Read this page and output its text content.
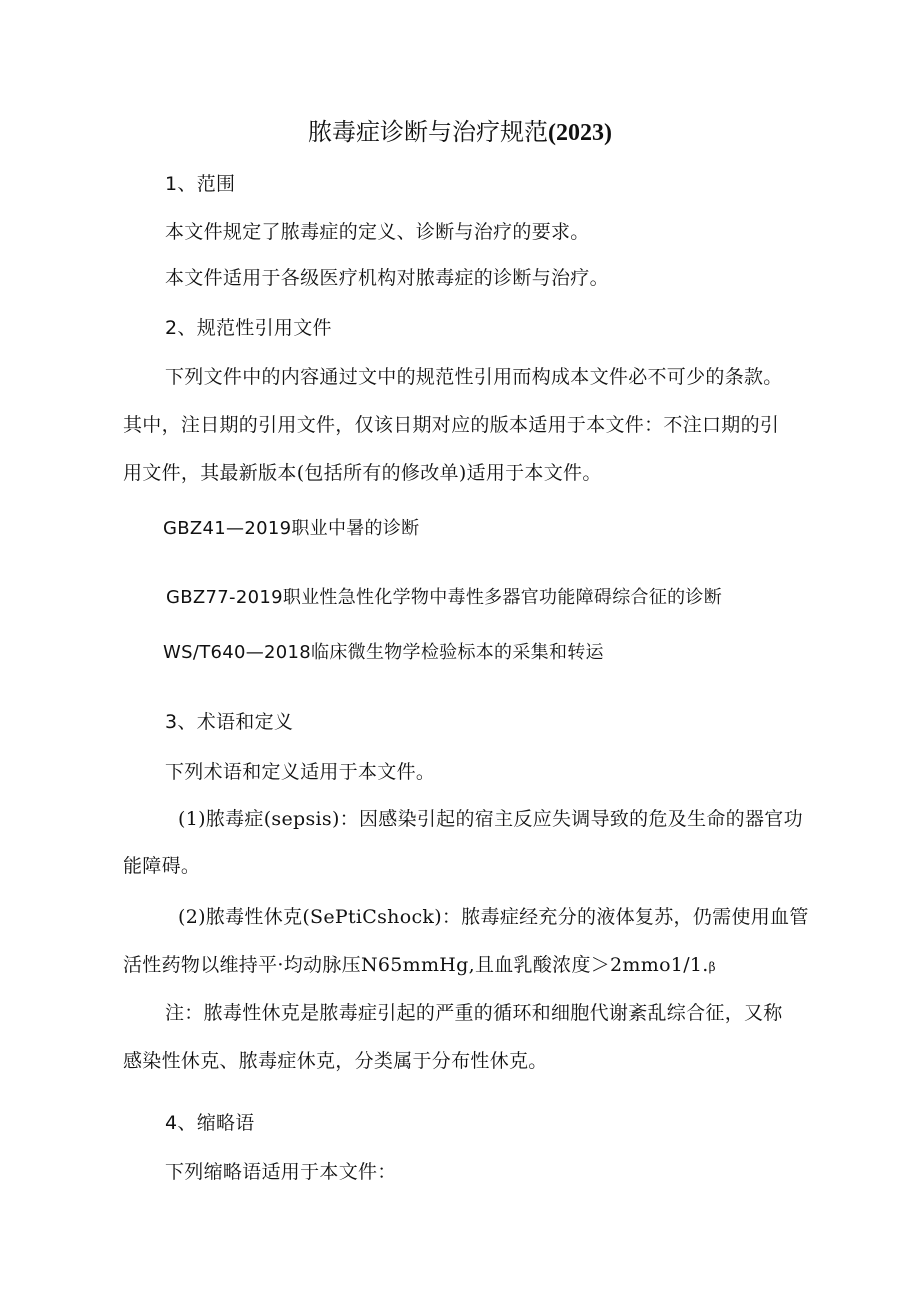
脓毒症诊断与治疗规范(2023)
1、范围
本文件规定了脓毒症的定义、诊断与治疗的要求。
本文件适用于各级医疗机构对脓毒症的诊断与治疗。
2、规范性引用文件
下列文件中的内容通过文中的规范性引用而构成本文件必不可少的条款。
其中，注日期的引用文件，仅该日期对应的版本适用于本文件：不注口期的引
用文件，其最新版本(包括所有的修改单)适用于本文件。
GBZ41—2019职业中暑的诊断
GBZ77-2019职业性急性化学物中毒性多器官功能障碍综合征的诊断
WS/T640—2018临床微生物学检验标本的采集和转运
3、术语和定义
下列术语和定义适用于本文件。
(1)脓毒症(sepsis)：因感染引起的宿主反应失调导致的危及生命的器官功
能障碍。
(2)脓毒性休克(SePtiCshock)：脓毒症经充分的液体复苏，仍需使用血管
活性药物以维持平·均动脉压N65mmHg,且血乳酸浓度＞2mmo1∕1.β
注：脓毒性休克是脓毒症引起的严重的循环和细胞代谢紊乱综合征，又称
感染性休克、脓毒症休克，分类属于分布性休克。
4、缩略语
下列缩略语适用于本文件：
